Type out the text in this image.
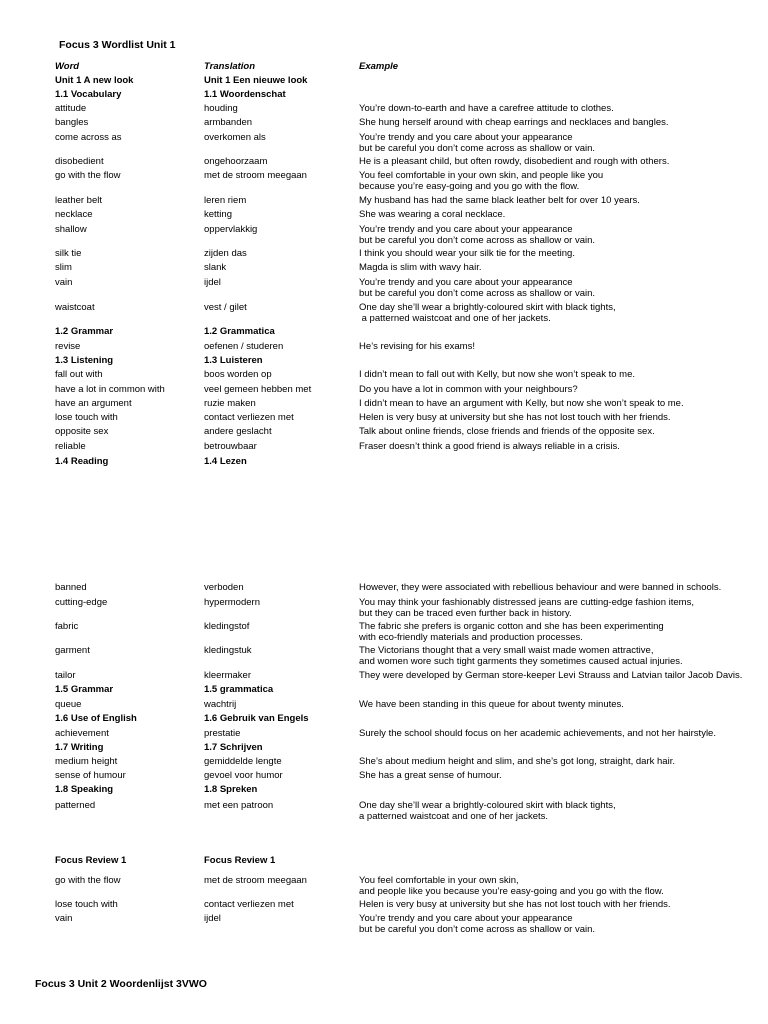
Focus 3 Wordlist Unit 1
Word	Translation	Example
Unit 1 A new look	Unit 1 Een nieuwe look
1.1 Vocabulary	1.1 Woordenschat
attitude	houding	You’re down-to-earth and have a carefree attitude to clothes.
bangles	armbanden	She hung herself around with cheap earrings and necklaces and bangles.
come across as	overkomen als	You’re trendy and you care about your appearance
but be careful you don’t come across as shallow or vain.
disobedient	ongehoorzaam	He is a pleasant child, but often rowdy, disobedient and rough with others.
go with the flow	met de stroom meegaan	You feel comfortable in your own skin, and people like you
because you’re easy-going and you go with the flow.
leather belt	leren riem	My husband has had the same black leather belt for over 10 years.
necklace	ketting	She was wearing a coral necklace.
shallow	oppervlakkig	You’re trendy and you care about your appearance
but be careful you don’t come across as shallow or vain.
silk tie	zijden das	I think you should wear your silk tie for the meeting.
slim	slank	Magda is slim with wavy hair.
vain	ijdel	You’re trendy and you care about your appearance
but be careful you don’t come across as shallow or vain.
waistcoat	vest / gilet	One day she’ll wear a brightly-coloured skirt with black tights,
a patterned waistcoat and one of her jackets.
1.2 Grammar	1.2 Grammatica
revise	oefenen / studeren	He’s revising for his exams!
1.3 Listening	1.3 Luisteren
fall out with	boos worden op	I didn’t mean to fall out with Kelly, but now she won’t speak to me.
have a lot in common with	veel gemeen hebben met	Do you have a lot in common with your neighbours?
have an argument	ruzie maken	I didn’t mean to have an argument with Kelly, but now she won’t speak to me.
lose touch with	contact verliezen met	Helen is very busy at university but she has not lost touch with her friends.
opposite sex	andere geslacht	Talk about online friends, close friends and friends of the opposite sex.
reliable	betrouwbaar	Fraser doesn’t think a good friend is always reliable in a crisis.
1.4 Reading	1.4 Lezen
banned	verboden	However, they were associated with rebellious behaviour and were banned in schools.
cutting-edge	hypermodern	You may think your fashionably distressed jeans are cutting-edge fashion items,
but they can be traced even further back in history.
fabric	kledingstof	The fabric she prefers is organic cotton and she has been experimenting
with eco-friendly materials and production processes.
garment	kledingstuk	The Victorians thought that a very small waist made women attractive,
and women wore such tight garments they sometimes caused actual injuries.
tailor	kleermaker	They were developed by German store-keeper Levi Strauss and Latvian tailor Jacob Davis.
1.5 Grammar	1.5 grammatica
queue	wachtrij	We have been standing in this queue for about twenty minutes.
1.6 Use of English	1.6 Gebruik van Engels
achievement	prestatie	Surely the school should focus on her academic achievements, and not her hairstyle.
1.7 Writing	1.7 Schrijven
medium height	gemiddelde lengte	She’s about medium height and slim, and she’s got long, straight, dark hair.
sense of humour	gevoel voor humor	She has a great sense of humour.
1.8 Speaking	1.8 Spreken
patterned	met een patroon	One day she’ll wear a brightly-coloured skirt with black tights,
a patterned waistcoat and one of her jackets.
Focus Review 1	Focus Review 1
go with the flow	met de stroom meegaan	You feel comfortable in your own skin,
and people like you because you’re easy-going and you go with the flow.
lose touch with	contact verliezen met	Helen is very busy at university but she has not lost touch with her friends.
vain	ijdel	You’re trendy and you care about your appearance
but be careful you don’t come across as shallow or vain.
Focus 3 Unit 2 Woordenlijst 3VWO
